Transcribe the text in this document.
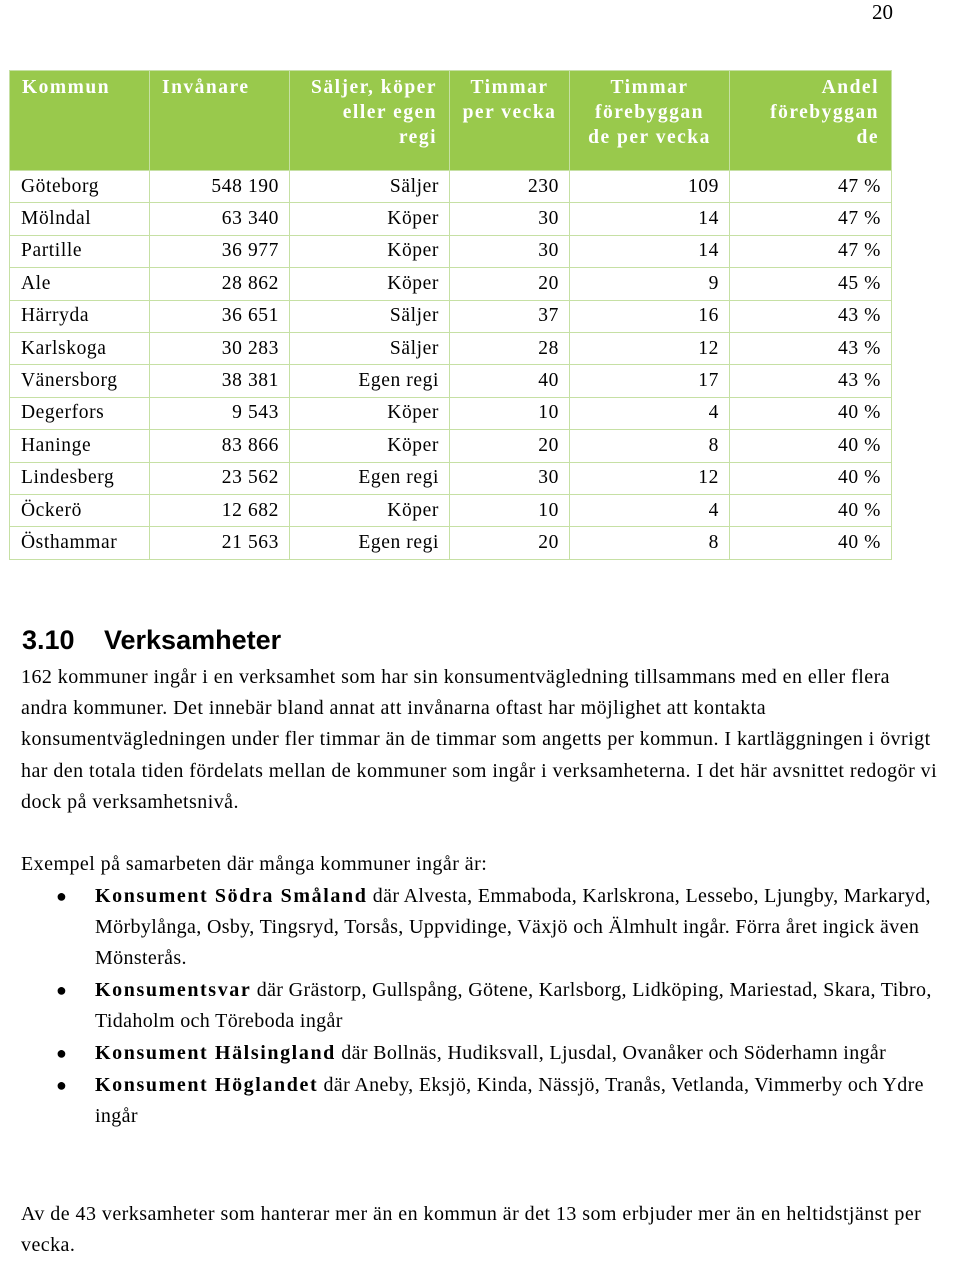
20
Kommun	Invånare	Säljer, köper eller egen regi	Timmar per vecka	Timmar förebyggan de per vecka	Andel förebyggan de
Göteborg	548 190	Säljer	230	109	47 %
Mölndal	63 340	Köper	30	14	47 %
Partille	36 977	Köper	30	14	47 %
Ale	28 862	Köper	20	9	45 %
Härryda	36 651	Säljer	37	16	43 %
Karlskoga	30 283	Säljer	28	12	43 %
Vänersborg	38 381	Egen regi	40	17	43 %
Degerfors	9 543	Köper	10	4	40 %
Haninge	83 866	Köper	20	8	40 %
Lindesberg	23 562	Egen regi	30	12	40 %
Öckerö	12 682	Köper	10	4	40 %
Östhammar	21 563	Egen regi	20	8	40 %
3.10 Verksamheter

162 kommuner ingår i en verksamhet som har sin konsumentvägledning tillsammans med en eller flera andra kommuner. Det innebär bland annat att invånarna oftast har möjlighet att kontakta konsumentvägledningen under fler timmar än de timmar som angetts per kommun. I kartläggningen i övrigt har den totala tiden fördelats mellan de kommuner som ingår i verksamheterna. I det här avsnittet redogör vi dock på verksamhetsnivå.

Exempel på samarbeten där många kommuner ingår är:

● Konsument Södra Småland där Alvesta, Emmaboda, Karlskrona, Lessebo, Ljungby, Markaryd, Mörbylånga, Osby, Tingsryd, Torsås, Uppvidinge, Växjö och Älmhult ingår. Förra året ingick även Mönsterås.
● Konsumentsvar där Grästorp, Gullspång, Götene, Karlsborg, Lidköping, Mariestad, Skara, Tibro, Tidaholm och Töreboda ingår
● Konsument Hälsingland där Bollnäs, Hudiksvall, Ljusdal, Ovanåker och Söderhamn ingår
● Konsument Höglandet där Aneby, Eksjö, Kinda, Nässjö, Tranås, Vetlanda, Vimmerby och Ydre ingår

Av de 43 verksamheter som hanterar mer än en kommun är det 13 som erbjuder mer än en heltidstjänst per vecka.
